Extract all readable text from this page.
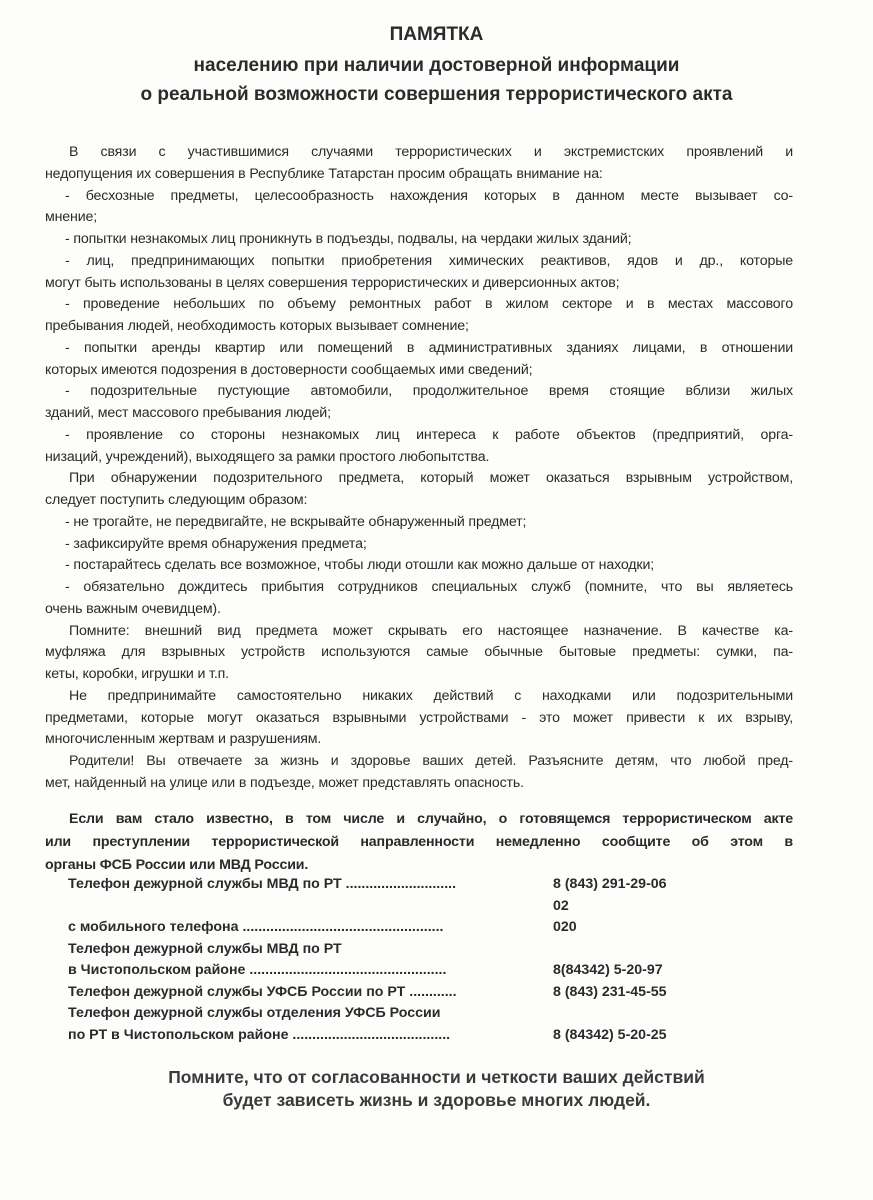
ПАМЯТКА
населению при наличии достоверной информации
о реальной возможности совершения террористического акта
В связи с участившимися случаями террористических и экстремистских проявлений и
недопущения их совершения в Республике Татарстан просим обращать внимание на:
- бесхозные предметы, целесообразность нахождения которых в данном месте вызывает со-
мнение;
- попытки незнакомых лиц проникнуть в подъезды, подвалы, на чердаки жилых зданий;
- лиц, предпринимающих попытки приобретения химических реактивов, ядов и др., которые
могут быть использованы в целях совершения террористических и диверсионных актов;
- проведение небольших по объему ремонтных работ в жилом секторе и в местах массового
пребывания людей, необходимость которых вызывает сомнение;
- попытки аренды квартир или помещений в административных зданиях лицами, в отношении
которых имеются подозрения в достоверности сообщаемых ими сведений;
- подозрительные пустующие автомобили, продолжительное время стоящие вблизи жилых
зданий, мест массового пребывания людей;
- проявление со стороны незнакомых лиц интереса к работе объектов (предприятий, орга-
низаций, учреждений), выходящего за рамки простого любопытства.
При обнаружении подозрительного предмета, который может оказаться взрывным устройством,
следует поступить следующим образом:
- не трогайте, не передвигайте, не вскрывайте обнаруженный предмет;
- зафиксируйте время обнаружения предмета;
- постарайтесь сделать все возможное, чтобы люди отошли как можно дальше от находки;
- обязательно дождитесь прибытия сотрудников специальных служб (помните, что вы являетесь
очень важным очевидцем).
Помните: внешний вид предмета может скрывать его настоящее назначение. В качестве ка-
муфляжа для взрывных устройств используются самые обычные бытовые предметы: сумки, па-
кеты, коробки, игрушки и т.п.
Не предпринимайте самостоятельно никаких действий с находками или подозрительными
предметами, которые могут оказаться взрывными устройствами - это может привести к их взрыву,
многочисленным жертвам и разрушениям.
Родители! Вы отвечаете за жизнь и здоровье ваших детей. Разъясните детям, что любой пред-
мет, найденный на улице или в подъезде, может представлять опасность.
Если вам стало известно, в том числе и случайно, о готовящемся террористическом акте
или преступлении террористической направленности немедленно сообщите об этом в
органы ФСБ России или МВД России.
Телефон дежурной службы МВД по РТ ............................	8 (843) 291-29-06
02
с мобильного телефона ...................................................	020
Телефон дежурной службы МВД по РТ
в Чистопольском районе ..................................................	8(84342) 5-20-97
Телефон дежурной службы УФСБ России по РТ ............	8 (843) 231-45-55
Телефон дежурной службы отделения УФСБ России
по РТ в Чистопольском районе ........................................	8 (84342) 5-20-25
Помните, что от согласованности и четкости ваших действий
будет зависеть жизнь и здоровье многих людей.
